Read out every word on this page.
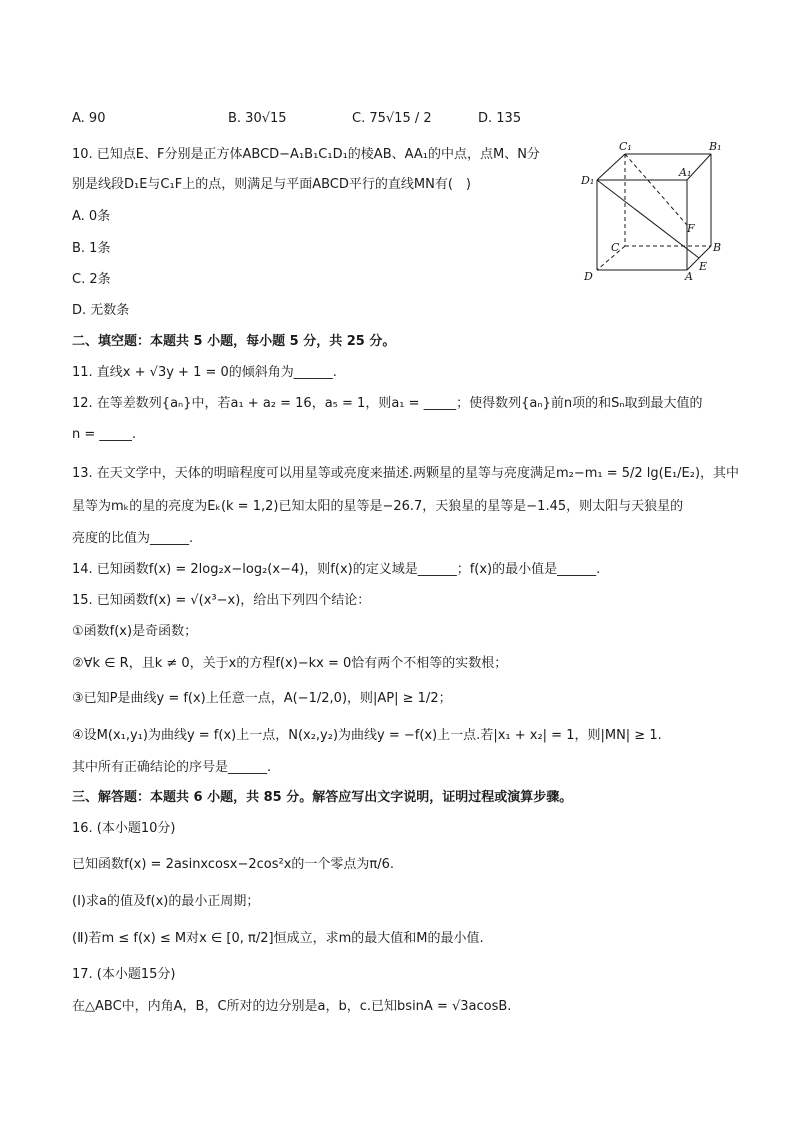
A. 90	B. 30√15	C. 75√15 / 2	D. 135
10. 已知点E、F分别是正方体ABCD−A₁B₁C₁D₁的棱AB、AA₁的中点，点M、N分
别是线段D₁E与C₁F上的点，则满足与平面ABCD平行的直线MN有(　)
A. 0条
B. 1条
C. 2条
D. 无数条
C₁	B₁
D₁
A₁
F
C	B
E
D	A
二、填空题：本题共 5 小题，每小题 5 分，共 25 分。
11. 直线x + √3y + 1 = 0的倾斜角为______.
12. 在等差数列{aₙ}中，若a₁ + a₂ = 16，a₅ = 1，则a₁ = _____；使得数列{aₙ}前n项的和Sₙ取到最大值的
n = _____.
13. 在天文学中，天体的明暗程度可以用星等或亮度来描述.两颗星的星等与亮度满足m₂−m₁ = 5/2 lg(E₁/E₂)，其中
星等为mₖ的星的亮度为Eₖ(k = 1,2)已知太阳的星等是−26.7，天狼星的星等是−1.45，则太阳与天狼星的
亮度的比值为______.
14. 已知函数f(x) = 2log₂x−log₂(x−4)，则f(x)的定义域是______；f(x)的最小值是______.
15. 已知函数f(x) = √(x³−x)，给出下列四个结论：
①函数f(x)是奇函数；
②∀k ∈ R，且k ≠ 0，关于x的方程f(x)−kx = 0恰有两个不相等的实数根；
③已知P是曲线y = f(x)上任意一点，A(−1/2,0)，则|AP| ≥ 1/2；
④设M(x₁,y₁)为曲线y = f(x)上一点，N(x₂,y₂)为曲线y = −f(x)上一点.若|x₁ + x₂| = 1，则|MN| ≥ 1.
其中所有正确结论的序号是______.
三、解答题：本题共 6 小题，共 85 分。解答应写出文字说明，证明过程或演算步骤。
16. (本小题10分)
已知函数f(x) = 2asinxcosx−2cos²x的一个零点为π/6.
(Ⅰ)求a的值及f(x)的最小正周期；
(Ⅱ)若m ≤ f(x) ≤ M对x ∈ [0, π/2]恒成立，求m的最大值和M的最小值.
17. (本小题15分)
在△ABC中，内角A，B，C所对的边分别是a，b，c.已知bsinA = √3acosB.
